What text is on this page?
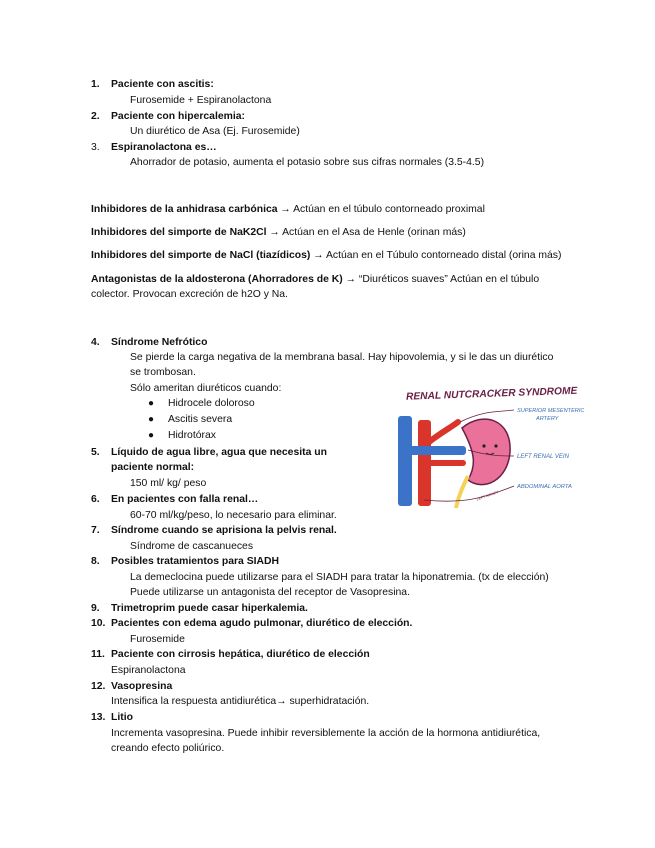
1. Paciente con ascitis:
Furosemide + Espiranolactona
2. Paciente con hipercalemia:
Un diurético de Asa (Ej. Furosemide)
3. Espiranolactona es…
Ahorrador de potasio, aumenta el potasio sobre sus cifras normales (3.5-4.5)
Inhibidores de la anhidrasa carbónica → Actúan en el túbulo contorneado proximal
Inhibidores del simporte de NaK2Cl → Actúan en el Asa de Henle (orinan más)
Inhibidores del simporte de NaCl (tiazídicos) → Actúan en el Túbulo contorneado distal (orina más)
Antagonistas de la aldosterona (Ahorradores de K) → “Diuréticos suaves” Actúan en el túbulo
colector. Provocan excreción de h2O y Na.
4. Síndrome Nefrótico
Se pierde la carga negativa de la membrana basal. Hay hipovolemia, y si le das un diurético
se trombosan.
Sólo ameritan diuréticos cuando:
● Hidrocele doloroso
● Ascitis severa
● Hidrotórax
5. Líquido de agua libre, agua que necesita un
paciente normal:
150 ml/ kg/ peso
6. En pacientes con falla renal…
60-70 ml/kg/peso, lo necesario para eliminar.
7. Síndrome cuando se aprisiona la pelvis renal.
Síndrome de cascanueces
8. Posibles tratamientos para SIADH
La demeclocina puede utilizarse para el SIADH para tratar la hiponatremia. (tx de elección)
Puede utilizarse un antagonista del receptor de Vasopresina.
9. Trimetroprim puede casar hiperkalemia.
10. Pacientes con edema agudo pulmonar, diurético de elección.
Furosemide
11. Paciente con cirrosis hepática, diurético de elección
Espiranolactona
12. Vasopresina
Intensifica la respuesta antidiurética→ superhidratación.
13. Litio
Incrementa vasopresina. Puede inhibir reversiblemente la acción de la hormona antidiurética,
creando efecto poliúrico.
RENAL NUTCRACKER SYNDROME
SUPERIOR MESENTERIC
ARTERY
LEFT RENAL VEIN
ABDOMINAL AORTA
LEFT KIDNEY
